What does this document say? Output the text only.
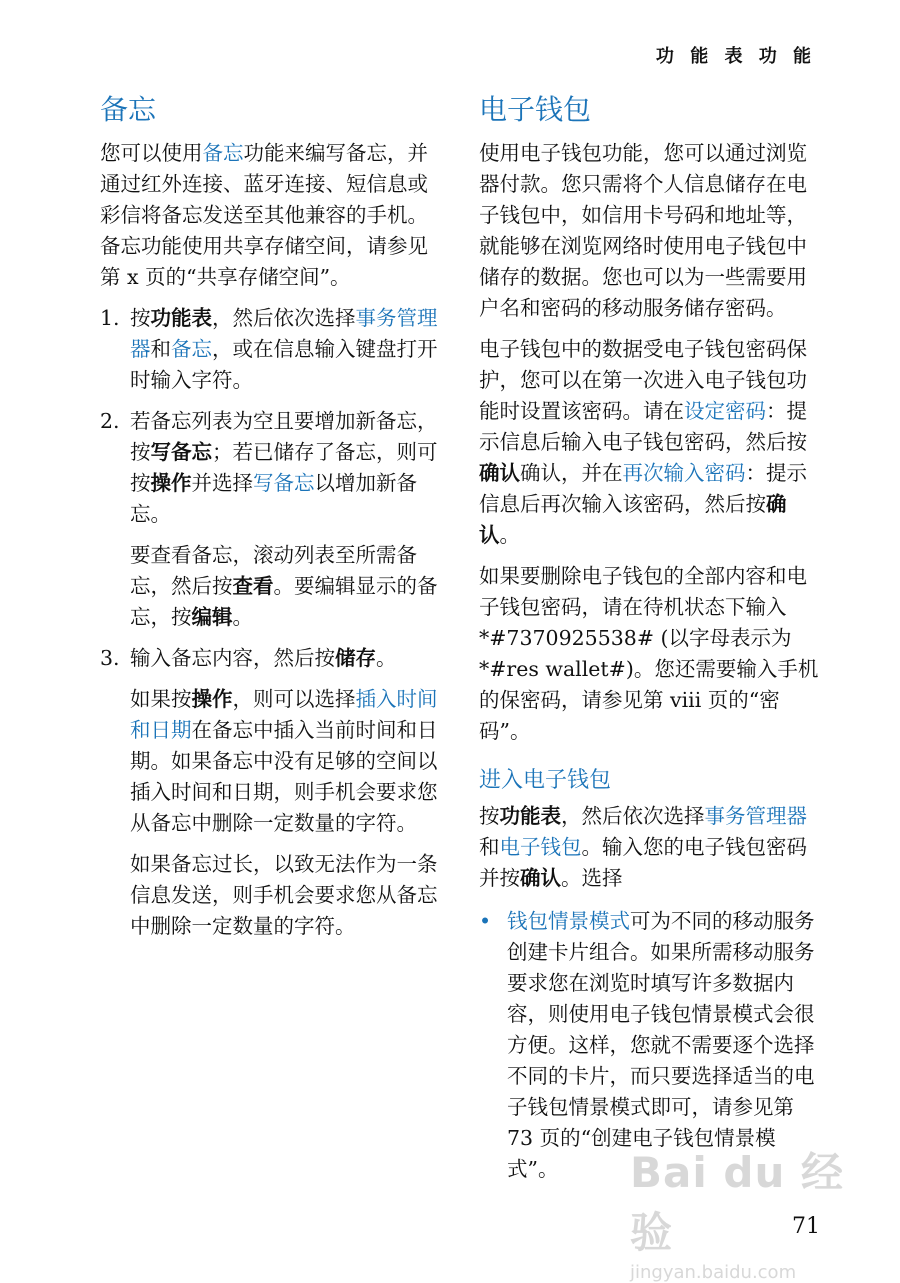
功 能 表 功 能
备忘

您可以使用备忘功能来编写备忘，并通过红外连接、蓝牙连接、短信息或彩信将备忘发送至其他兼容的手机。备忘功能使用共享存储空间，请参见第 x 页的“共享存储空间”。

1. 按功能表，然后依次选择事务管理器和备忘，或在信息输入键盘打开时输入字符。

2. 若备忘列表为空且要增加新备忘，按写备忘；若已储存了备忘，则可按操作并选择写备忘以增加新备忘。

要查看备忘，滚动列表至所需备忘，然后按查看。要编辑显示的备忘，按编辑。

3. 输入备忘内容，然后按储存。

如果按操作，则可以选择插入时间和日期在备忘中插入当前时间和日期。如果备忘中没有足够的空间以插入时间和日期，则手机会要求您从备忘中删除一定数量的字符。

如果备忘过长，以致无法作为一条信息发送，则手机会要求您从备忘中删除一定数量的字符。

电子钱包

使用电子钱包功能，您可以通过浏览器付款。您只需将个人信息储存在电子钱包中，如信用卡号码和地址等，就能够在浏览网络时使用电子钱包中储存的数据。您也可以为一些需要用户名和密码的移动服务储存密码。

电子钱包中的数据受电子钱包密码保护，您可以在第一次进入电子钱包功能时设置该密码。请在设定密码：提示信息后输入电子钱包密码，然后按确认确认，并在再次输入密码：提示信息后再次输入该密码，然后按确认。

如果要删除电子钱包的全部内容和电子钱包密码，请在待机状态下输入 *#7370925538# (以字母表示为 *#res wallet#)。您还需要输入手机的保密码，请参见第 viii 页的“密码”。

进入电子钱包

按功能表，然后依次选择事务管理器和电子钱包。输入您的电子钱包密码并按确认。选择

• 钱包情景模式可为不同的移动服务创建卡片组合。如果所需移动服务要求您在浏览时填写许多数据内容，则使用电子钱包情景模式会很方便。这样，您就不需要逐个选择不同的卡片，而只要选择适当的电子钱包情景模式即可，请参见第 73 页的“创建电子钱包情景模式”。	Bai du 经验
jingyan.baidu.com
71
